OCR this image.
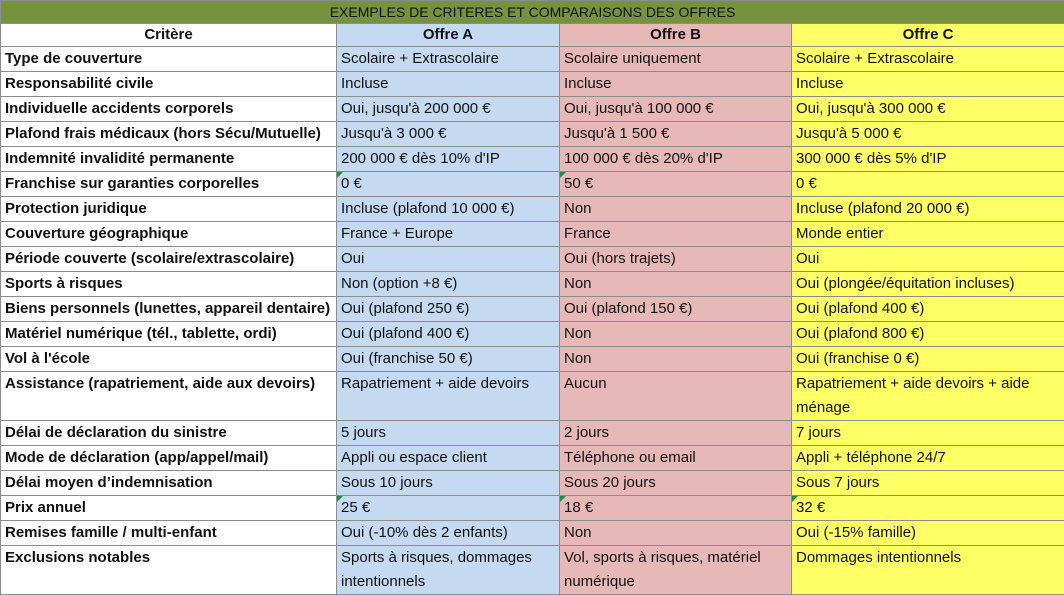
EXEMPLES DE CRITERES ET COMPARAISONS DES OFFRES			
Critère	Offre A	Offre B	Offre C
Type de couverture	Scolaire + Extrascolaire	Scolaire uniquement	Scolaire + Extrascolaire
Responsabilité civile	Incluse	Incluse	Incluse
Individuelle accidents corporels	Oui, jusqu'à 200 000 €	Oui, jusqu'à 100 000 €	Oui, jusqu'à 300 000 €
Plafond frais médicaux (hors Sécu/Mutuelle)	Jusqu'à 3 000 €	Jusqu'à 1 500 €	Jusqu'à 5 000 €
Indemnité invalidité permanente	200 000 € dès 10% d'IP	100 000 € dès 20% d'IP	300 000 € dès 5% d'IP
Franchise sur garanties corporelles	0 €	50 €	0 €
Protection juridique	Incluse (plafond 10 000 €)	Non	Incluse (plafond 20 000 €)
Couverture géographique	France + Europe	France	Monde entier
Période couverte (scolaire/extrascolaire)	Oui	Oui (hors trajets)	Oui
Sports à risques	Non (option +8 €)	Non	Oui (plongée/équitation incluses)
Biens personnels (lunettes, appareil dentaire)	Oui (plafond 250 €)	Oui (plafond 150 €)	Oui (plafond 400 €)
Matériel numérique (tél., tablette, ordi)	Oui (plafond 400 €)	Non	Oui (plafond 800 €)
Vol à l'école	Oui (franchise 50 €)	Non	Oui (franchise 0 €)
Assistance (rapatriement, aide aux devoirs)	Rapatriement + aide devoirs	Aucun	Rapatriement + aide devoirs + aide ménage
Délai de déclaration du sinistre	5 jours	2 jours	7 jours
Mode de déclaration (app/appel/mail)	Appli ou espace client	Téléphone ou email	Appli + téléphone 24/7
Délai moyen d’indemnisation	Sous 10 jours	Sous 20 jours	Sous 7 jours
Prix annuel	25 €	18 €	32 €
Remises famille / multi-enfant	Oui (-10% dès 2 enfants)	Non	Oui (-15% famille)
Exclusions notables	Sports à risques, dommages intentionnels	Vol, sports à risques, matériel numérique	Dommages intentionnels
